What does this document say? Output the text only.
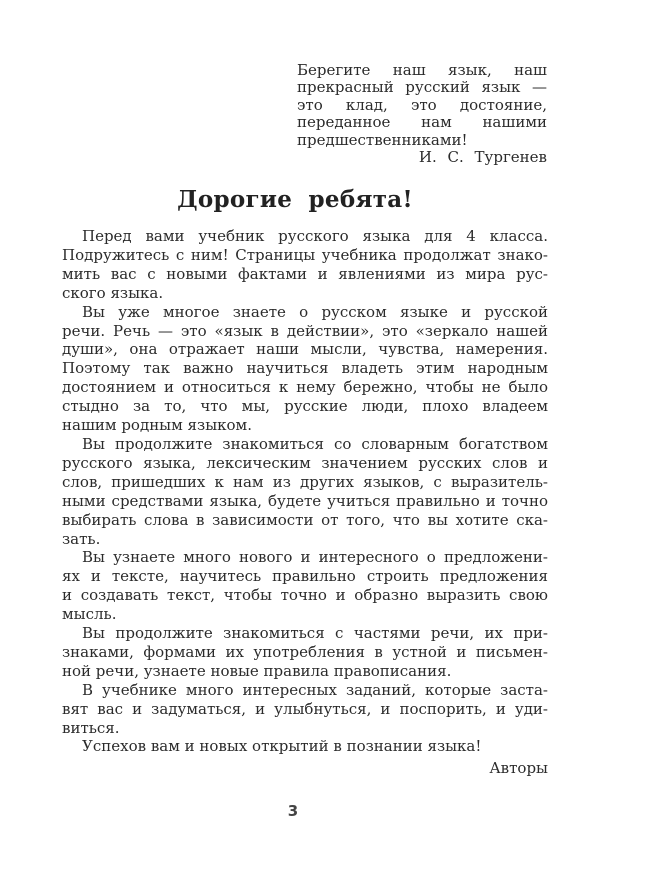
Берегите наш язык, наш
прекрасный русский язык —
это клад, это достояние,
переданное нам нашими
предшественниками!
И. С. Тургенев
Дорогие ребята!
Перед вами учебник русского языка для 4 класса.
Подружитесь с ним! Страницы учебника продолжат знако-
мить вас с новыми фактами и явлениями из мира рус-
ского языка.
Вы уже многое знаете о русском языке и русской
речи. Речь — это «язык в действии», это «зеркало нашей
души», она отражает наши мысли, чувства, намерения.
Поэтому так важно научиться владеть этим народным
достоянием и относиться к нему бережно, чтобы не было
стыдно за то, что мы, русские люди, плохо владеем
нашим родным языком.
Вы продолжите знакомиться со словарным богатством
русского языка, лексическим значением русских слов и
слов, пришедших к нам из других языков, с выразитель-
ными средствами языка, будете учиться правильно и точно
выбирать слова в зависимости от того, что вы хотите ска-
зать.
Вы узнаете много нового и интересного о предложени-
ях и тексте, научитесь правильно строить предложения
и создавать текст, чтобы точно и образно выразить свою
мысль.
Вы продолжите знакомиться с частями речи, их при-
знаками, формами их употребления в устной и письмен-
ной речи, узнаете новые правила правописания.
В учебнике много интересных заданий, которые застa-
вят вас и задуматься, и улыбнуться, и поспорить, и уди-
виться.
Успехов вам и новых открытий в познании языка!
Авторы
3
